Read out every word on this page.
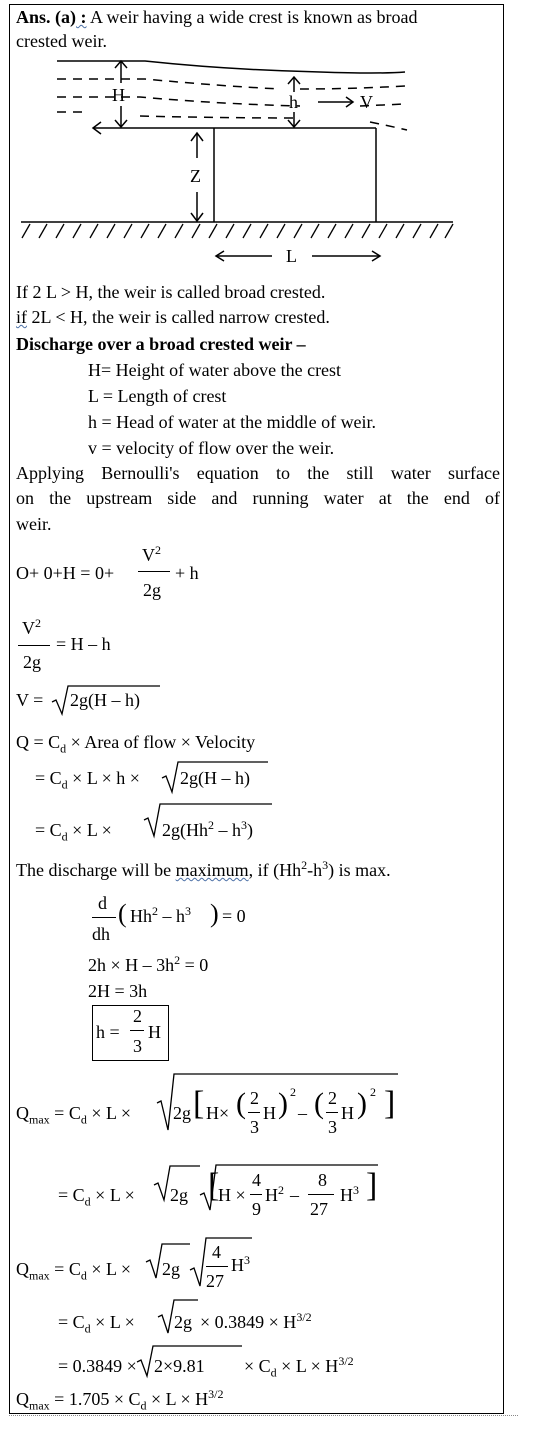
Ans. (a) : A weir having a wide crest is known as broad
crested weir.
H	h	V
Z
L
If 2 L > H, the weir is called broad crested.
if 2L < H, the weir is called narrow crested.
Discharge over a broad crested weir –
H= Height of water above the crest
L = Length of crest
h = Head of water at the middle of weir.
v = velocity of flow over the weir.
Applying Bernoulli's equation to the still water surface
on the upstream side and running water at the end of
weir.
O+ 0+H = 0+
$V^2$
2g
+ h
$V^2$
2g
= H – h
V = 2g(H – h)
$Q = C_d$ × Area of flow × Velocity
= $C_d \times L \times h \times 2g(H - h)$
= $C_d \times L$ ×	$2g(Hh^2 - h^3)$
The discharge will be maximum, if $(Hh^2-h^3)$ is max.
d
dh
( $Hh^2 - h^3$ ) = 0
$2h \times H - 3h^2 = 0$
2H = 3h
h =
2
3
H
$Q_{max} = C_d \times L \times 2g$ [ H× ( 2
3
H ) 2
– ( 2
3
H ) 2 ]
= $C_d \times L \times 2g$ [
H ×
4
9
$H^2$ –
8
27
$H^3$ ]
$Q_{max} = C_d \times L \times 2g$
4
27
$H^3$
= $C_d \times L \times 2g \times 0.3849 \times H^{3/2}$
= $0.3849 \times 2\times 9.81 \times C_d \times L \times H^{3/2}$
$Q_{max} = 1.705 \times C_d \times L \times H^{3/2}$
